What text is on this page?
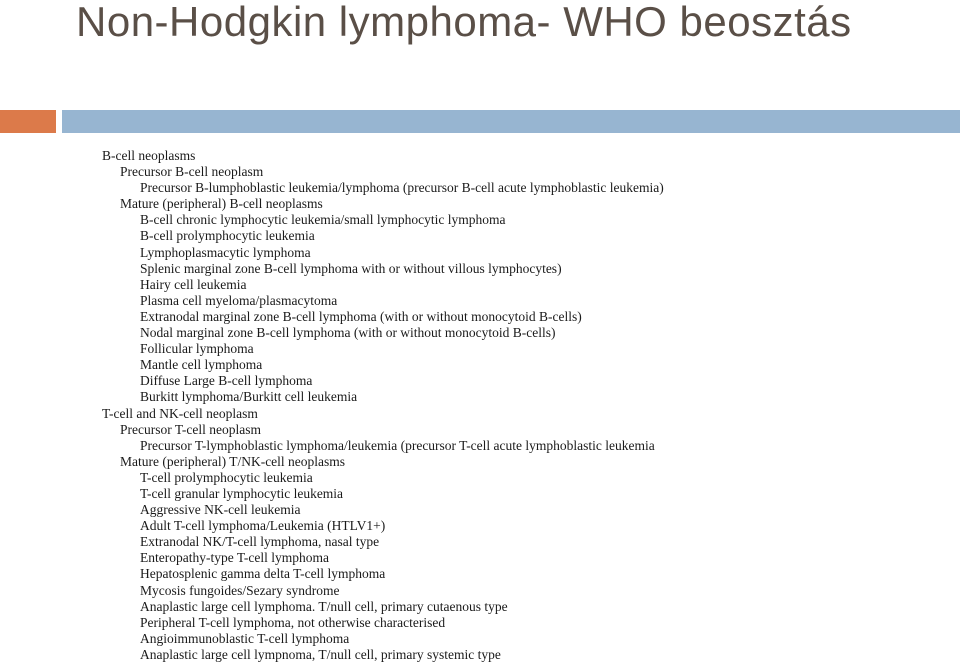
Non-Hodgkin lymphoma- WHO beosztás
B-cell neoplasms
Precursor B-cell neoplasm
Precursor B-lumphoblastic leukemia/lymphoma (precursor B-cell acute lymphoblastic leukemia)
Mature (peripheral) B-cell neoplasms
B-cell chronic lymphocytic leukemia/small lymphocytic lymphoma
B-cell prolymphocytic leukemia
Lymphoplasmacytic lymphoma
Splenic marginal zone B-cell lymphoma with or without villous lymphocytes)
Hairy cell leukemia
Plasma cell myeloma/plasmacytoma
Extranodal marginal zone B-cell lymphoma (with or without monocytoid B-cells)
Nodal marginal zone B-cell lymphoma (with or without monocytoid B-cells)
Follicular lymphoma
Mantle cell lymphoma
Diffuse Large B-cell lymphoma
Burkitt lymphoma/Burkitt cell leukemia
T-cell and NK-cell neoplasm
Precursor T-cell neoplasm
Precursor T-lymphoblastic lymphoma/leukemia (precursor T-cell acute lymphoblastic leukemia
Mature (peripheral) T/NK-cell neoplasms
T-cell prolymphocytic leukemia
T-cell granular lymphocytic leukemia
Aggressive NK-cell leukemia
Adult T-cell lymphoma/Leukemia (HTLV1+)
Extranodal NK/T-cell lymphoma, nasal type
Enteropathy-type T-cell lymphoma
Hepatosplenic gamma delta T-cell lymphoma
Mycosis fungoides/Sezary syndrome
Anaplastic large cell lymphoma. T/null cell, primary cutaenous type
Peripheral T-cell lymphoma, not otherwise characterised
Angioimmunoblastic T-cell lymphoma
Anaplastic large cell lympnoma, T/null cell, primary systemic type
